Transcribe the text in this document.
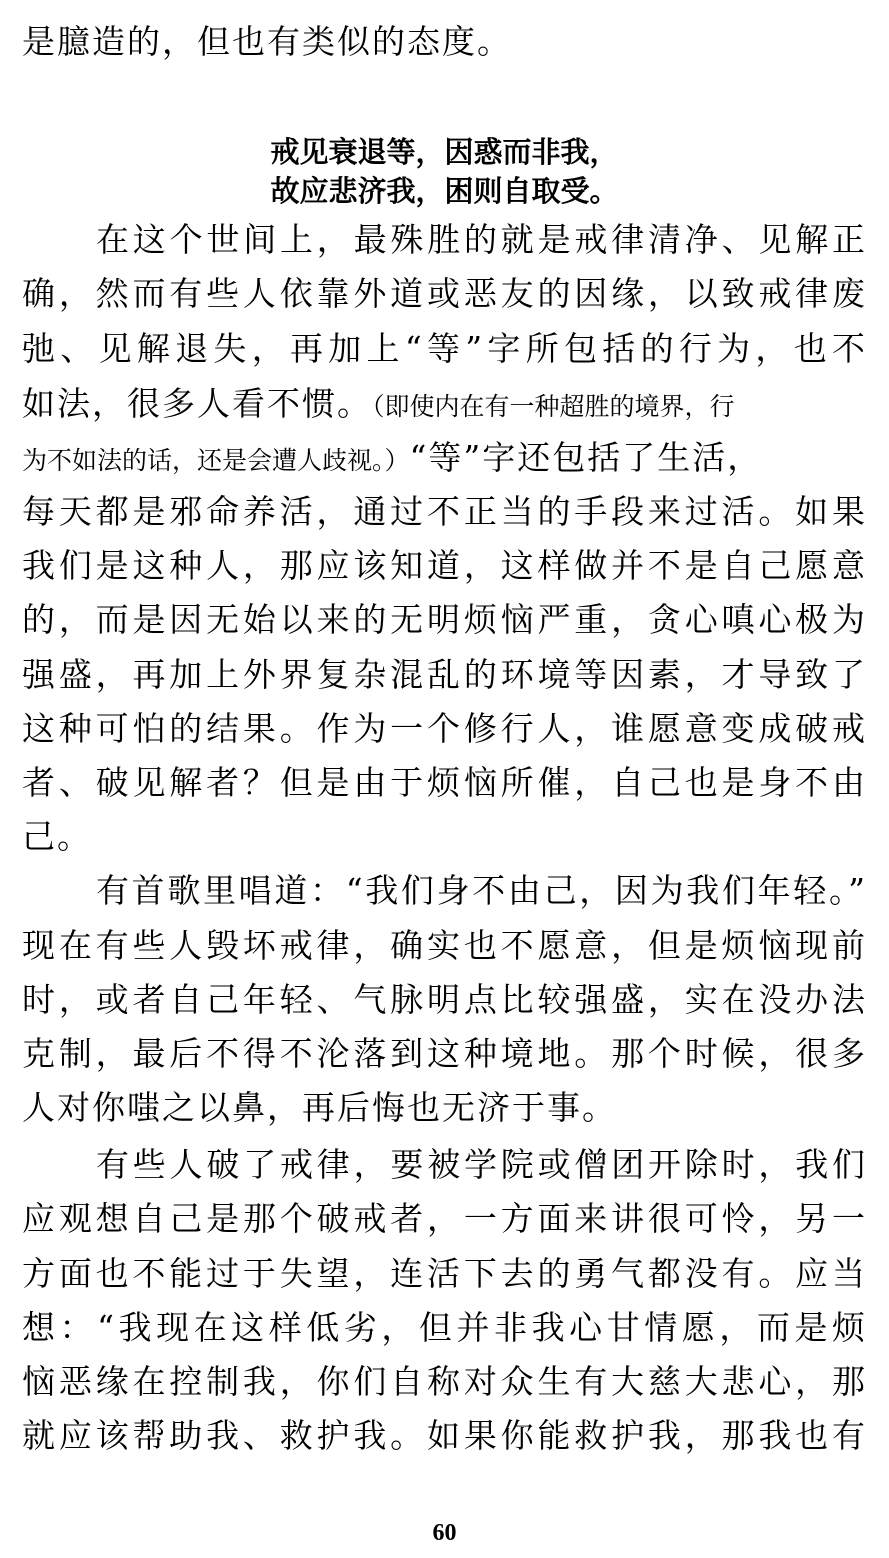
是臆造的，但也有类似的态度。
戒见衰退等，因惑而非我，
故应悲济我，困则自取受。
在这个世间上，最殊胜的就是戒律清净、见解正
确，然而有些人依靠外道或恶友的因缘，以致戒律废
弛、见解退失，再加上“等”字所包括的行为，也不
如法，很多人看不惯。（即使内在有一种超胜的境界，行
为不如法的话，还是会遭人歧视。）“等”字还包括了生活，
每天都是邪命养活，通过不正当的手段来过活。如果
我们是这种人，那应该知道，这样做并不是自己愿意
的，而是因无始以来的无明烦恼严重，贪心嗔心极为
强盛，再加上外界复杂混乱的环境等因素，才导致了
这种可怕的结果。作为一个修行人，谁愿意变成破戒
者、破见解者？但是由于烦恼所催，自己也是身不由
己。
有首歌里唱道：“我们身不由己，因为我们年轻。”
现在有些人毁坏戒律，确实也不愿意，但是烦恼现前
时，或者自己年轻、气脉明点比较强盛，实在没办法
克制，最后不得不沦落到这种境地。那个时候，很多
人对你嗤之以鼻，再后悔也无济于事。
有些人破了戒律，要被学院或僧团开除时，我们
应观想自己是那个破戒者，一方面来讲很可怜，另一
方面也不能过于失望，连活下去的勇气都没有。应当
想：“我现在这样低劣，但并非我心甘情愿，而是烦
恼恶缘在控制我，你们自称对众生有大慈大悲心，那
就应该帮助我、救护我。如果你能救护我，那我也有
60
